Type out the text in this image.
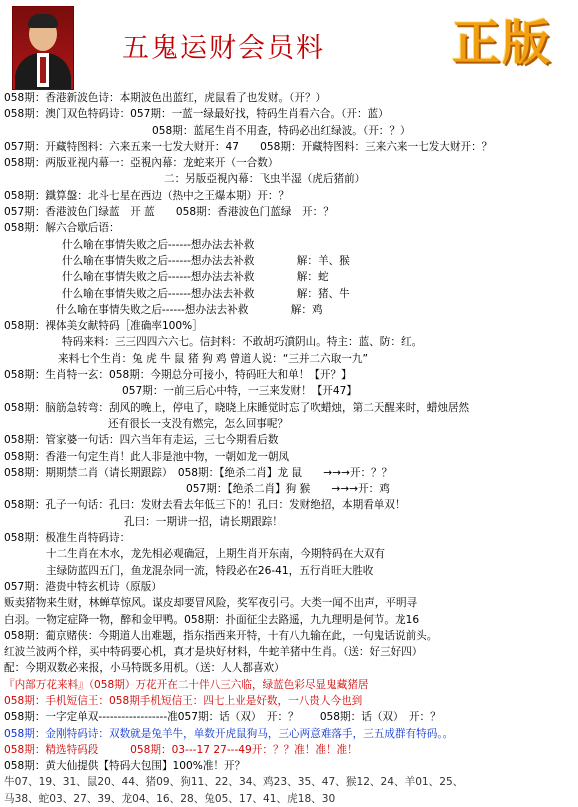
五鬼运财会员料	正版
058期：香港新波色诗：本期波色出蓝红，虎鼠看了也发财。（开？）
058期：澳门双色特码诗：057期：一蓝一绿最好找，特码生肖看六合。（开：蓝）
058期：蓝尾生肖不用查，特码必出红绿波。（开：？）
057期：开藏特图料：六来五来一七发大财开：47　　058期：开藏特图料：三来六来一七发大财开：？
058期：两版亚视内幕一：亞視內幕：龙蛇来开（一合数）
二：另版亞視內幕：飞虫半湿（虎后猪前）
058期：鐵算盤：北斗七星在西边（热中之王爆本期）开：？
057期：香港波色门绿蓝　开 蓝　　058期：香港波色门蓝绿　开：？
058期：解六合歇后语：
什么喻在事情失败之后------想办法去补救
什么喻在事情失败之后------想办法去补救　　　　解：羊、猴
什么喻在事情失败之后------想办法去补救　　　　解：蛇
什么喻在事情失败之后------想办法去补救　　　　解：猪、牛
什么喻在事情失败之后------想办法去补救　　　　解：鸡
058期：裸体美女献特码［准确率100%］
特码来料：三三四四六六七。信封料：不敢胡巧濆阴山。特主：蓝、防：红。
来料七个生肖：兔 虎 牛 鼠 猪 狗 鸡 曾道人说：“三并二六取一九”
058期：生肖特一玄：058期：今期总分可接小，特码旺大和单！【开？】
057期：一前三后心中特，一三来发财！【开47】
058期：脑筋急转弯：刮风的晚上，停电了，晓晓上床睡觉时忘了吹蜡烛，第二天醒来时，蜡烛居然
还有很长一支没有燃完，怎么回事呢？
058期：管家婆一句话：四六当年有走运，三七今期看后数
058期：香港一句定生肖！此人非是池中物，一朝如龙一朝凤
058期：期期禁二肖（请长期跟踪）　058期：【绝杀二肖】龙 鼠　　→→→开：？？
057期：【绝杀二肖】狗 猴　　→→→开：鸡
058期：孔子一句话：孔曰：发财去看去年低三下的！孔曰：发财绝招，本期看单双！
孔曰：一期讲一招，请长期跟踪！
058期：极准生肖特码诗：
十二生肖在木水，龙先相必观确冠，上期生肖开东南，今期特码在大双有
主绿防蓝四五门，鱼龙混杂同一流，特段必在26-41，五行肖旺大胜收
057期：港贵中特玄机诗（原版）
贩卖猪物来生财，林蝉草惊风。谋皮却要冒风险，奖军夜引弓。大类一闻不出声，平明寻
白羽。一物定症降一物，醉和金甲鸭。058期：扑面征尘去路遥，九九理明是何节。龙16
058期：葡京赌侠：今期道人出难题，指东指西来开特，十有八九输在此，一句鬼话说前头。
红波兰波两个样，买中特码要心机，真才是块好材料，牛蛇羊猪中生肖。（送：好三好四）
配：今期双数必来报，小马特既多用机。（送：人人都喜欢）
『内部万花来料』（058期）万花开在二十伴八三六临，绿蓝色彩尽显鬼藏猪居
058期：手机短信王：058期手机短信王：四七上业是好数，一八贵人今也到
058期：一字定单双------------------准057期：话（双）　开：？　　058期：话（双）　开：？
058期：金刚特码诗：双数就是兔羊牛，单数开虎鼠狗马，三心两意难落手，三五成群有特码。。
058期：精选特码段　　　058期：03---17 27---49开：？？准！准！准！
058期：黄大仙提供【特码大包围】100%准！开？
牛07、19、31、鼠20、44、猪09、狗11、22、34、鸡23、35、47、猴12、24、羊01、25、
马38、蛇03、27、39、龙04、16、28、兔05、17、41、虎18、30
